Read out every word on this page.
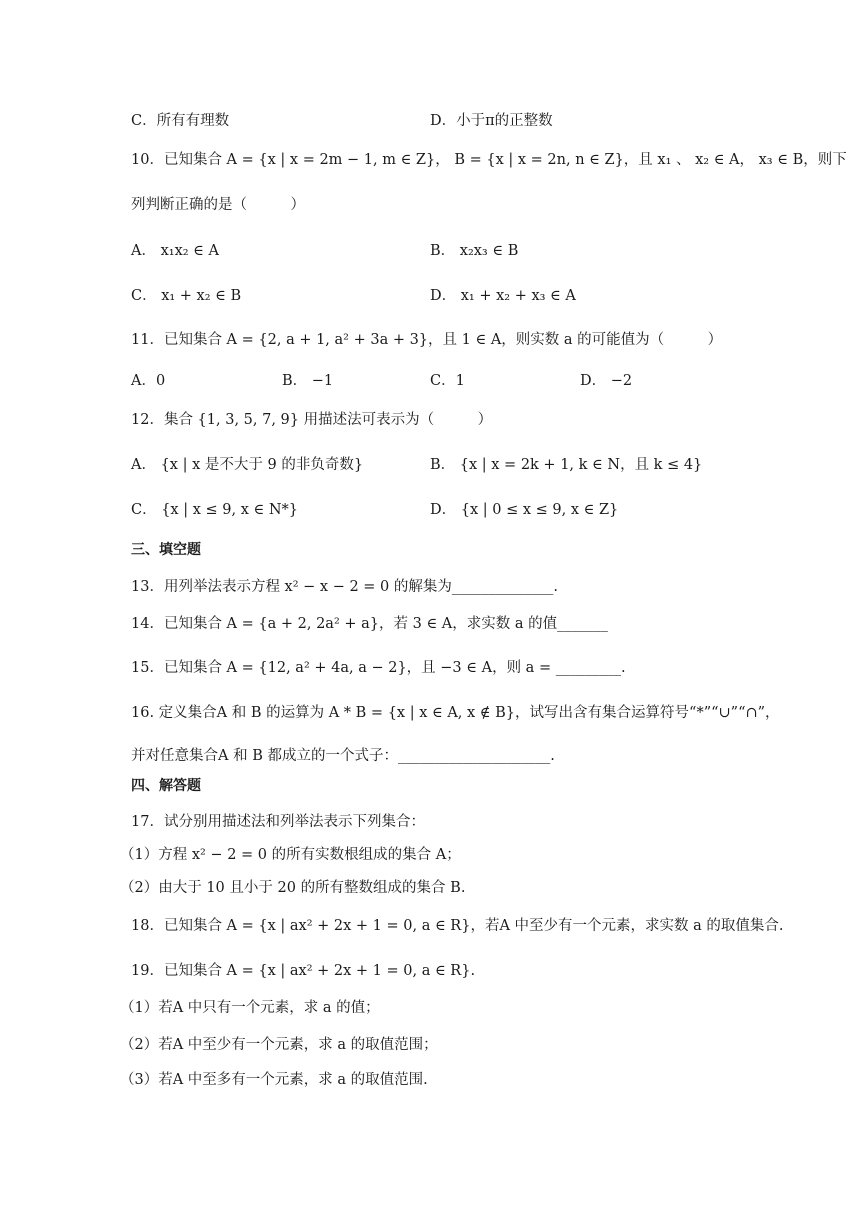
C．所有有理数	D．小于π的正整数
10．已知集合 A = {x | x = 2m − 1, m ∈ Z}， B = {x | x = 2n, n ∈ Z}，且 x₁ 、 x₂ ∈ A， x₃ ∈ B，则下
列判断正确的是（　　　）
A． x₁x₂ ∈ A	B． x₂x₃ ∈ B
C． x₁ + x₂ ∈ B	D． x₁ + x₂ + x₃ ∈ A
11．已知集合 A = {2, a + 1, a² + 3a + 3}，且 1 ∈ A，则实数 a 的可能值为（　　　）
A．0	B． −1	C．1	D． −2
12．集合 {1, 3, 5, 7, 9} 用描述法可表示为（　　　）
A． {x | x 是不大于 9 的非负奇数}	B． {x | x = 2k + 1, k ∈ N，且 k ≤ 4}
C． {x | x ≤ 9, x ∈ N*}	D． {x | 0 ≤ x ≤ 9, x ∈ Z}
三、填空题
13．用列举法表示方程 x² − x − 2 = 0 的解集为______________.
14．已知集合 A = {a + 2, 2a² + a}，若 3 ∈ A，求实数 a 的值_______
15．已知集合 A = {12, a² + 4a, a − 2}，且 −3 ∈ A，则 a = _________.
16. 定义集合A 和 B 的运算为 A * B = {x | x ∈ A, x ∉ B}，试写出含有集合运算符号“*”“∪”“∩”，
并对任意集合A 和 B 都成立的一个式子：_____________________.
四、解答题
17．试分别用描述法和列举法表示下列集合：
（1）方程 x² − 2 = 0 的所有实数根组成的集合 A；
（2）由大于 10 且小于 20 的所有整数组成的集合 B.
18．已知集合 A = {x | ax² + 2x + 1 = 0, a ∈ R}，若A 中至少有一个元素，求实数 a 的取值集合.
19．已知集合 A = {x | ax² + 2x + 1 = 0, a ∈ R}.
（1）若A 中只有一个元素，求 a 的值；
（2）若A 中至少有一个元素，求 a 的取值范围；
（3）若A 中至多有一个元素，求 a 的取值范围.
